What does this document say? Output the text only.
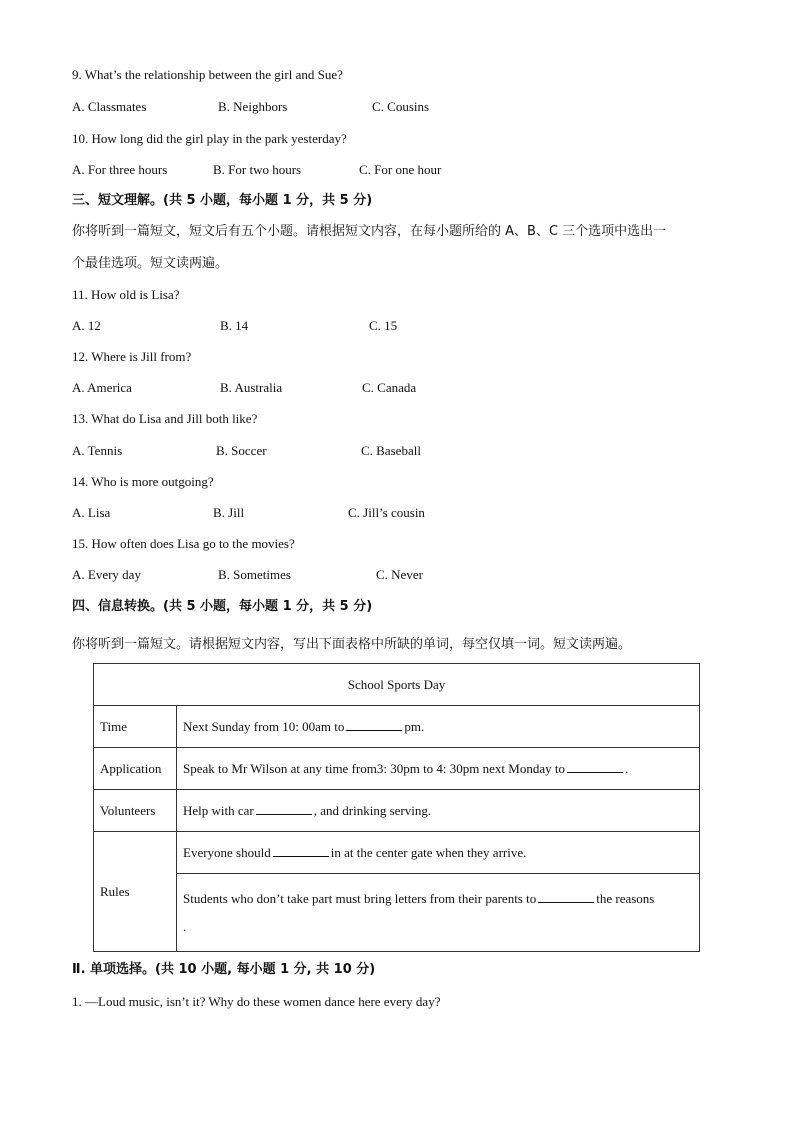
9. What’s the relationship between the girl and Sue?
A. Classmates	B. Neighbors	C. Cousins
10. How long did the girl play in the park yesterday?
A. For three hours	B. For two hours	C. For one hour
三、短文理解。(共 5 小题，每小题 1 分，共 5 分)
你将听到一篇短文，短文后有五个小题。请根据短文内容，在每小题所给的 A、B、C 三个选项中选出一
个最佳选项。短文读两遍。
11. How old is Lisa?
A. 12	B. 14	C. 15
12. Where is Jill from?
A. America	B. Australia	C. Canada
13. What do Lisa and Jill both like?
A. Tennis	B. Soccer	C. Baseball
14. Who is more outgoing?
A. Lisa	B. Jill	C. Jill’s cousin
15. How often does Lisa go to the movies?
A. Every day	B. Sometimes	C. Never
四、信息转换。(共 5 小题，每小题 1 分，共 5 分)
你将听到一篇短文。请根据短文内容，写出下面表格中所缺的单词，每空仅填一词。短文读两遍。
School Sports Day	
Time	Next Sunday from 10: 00am to pm.
Application	Speak to Mr Wilson at any time from3: 30pm to 4: 30pm next Monday to .
Volunteers	Help with car , and drinking serving.
Rules	Everyone should in at the center gate when they arrive.
	Students who don’t take part must bring letters from their parents to the reasons
.
Ⅱ. 单项选择。(共 10 小题, 每小题 1 分, 共 10 分)
1. —Loud music, isn’t it? Why do these women dance here every day?
